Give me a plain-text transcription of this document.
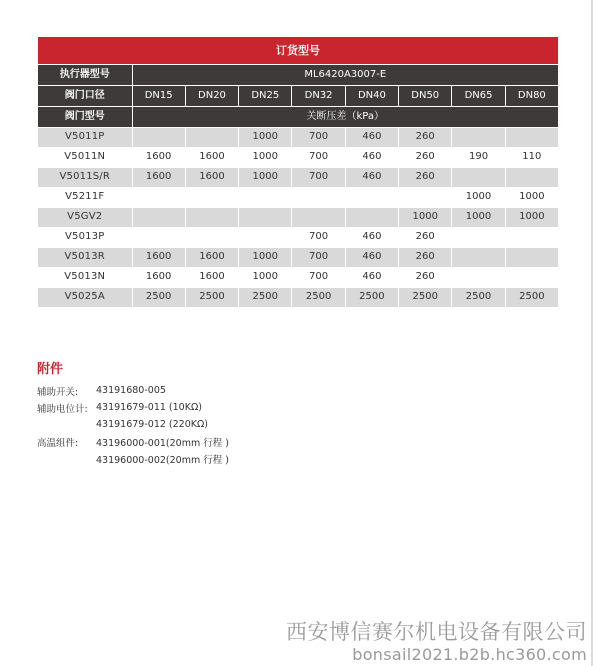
订货型号								
执行器型号	ML6420A3007-E							
阀门口径	DN15	DN20	DN25	DN32	DN40	DN50	DN65	DN80
阀门型号	关断压差（kPa）							
V5011P			1000	700	460	260		
V5011N	1600	1600	1000	700	460	260	190	110
V5011S/R	1600	1600	1000	700	460	260		
V5211F							1000	1000
V5GV2						1000	1000	1000
V5013P				700	460	260		
V5013R	1600	1600	1000	700	460	260		
V5013N	1600	1600	1000	700	460	260		
V5025A	2500	2500	2500	2500	2500	2500	2500	2500
附件
辅助开关:	43191680-005
辅助电位计: 43191679-011 (10KΩ)
43191679-012 (220KΩ)
高温组件:	43196000-001(20mm 行程 )
43196000-002(20mm 行程 )
西安博信赛尔机电设备有限公司
bonsail2021.b2b.hc360.com
